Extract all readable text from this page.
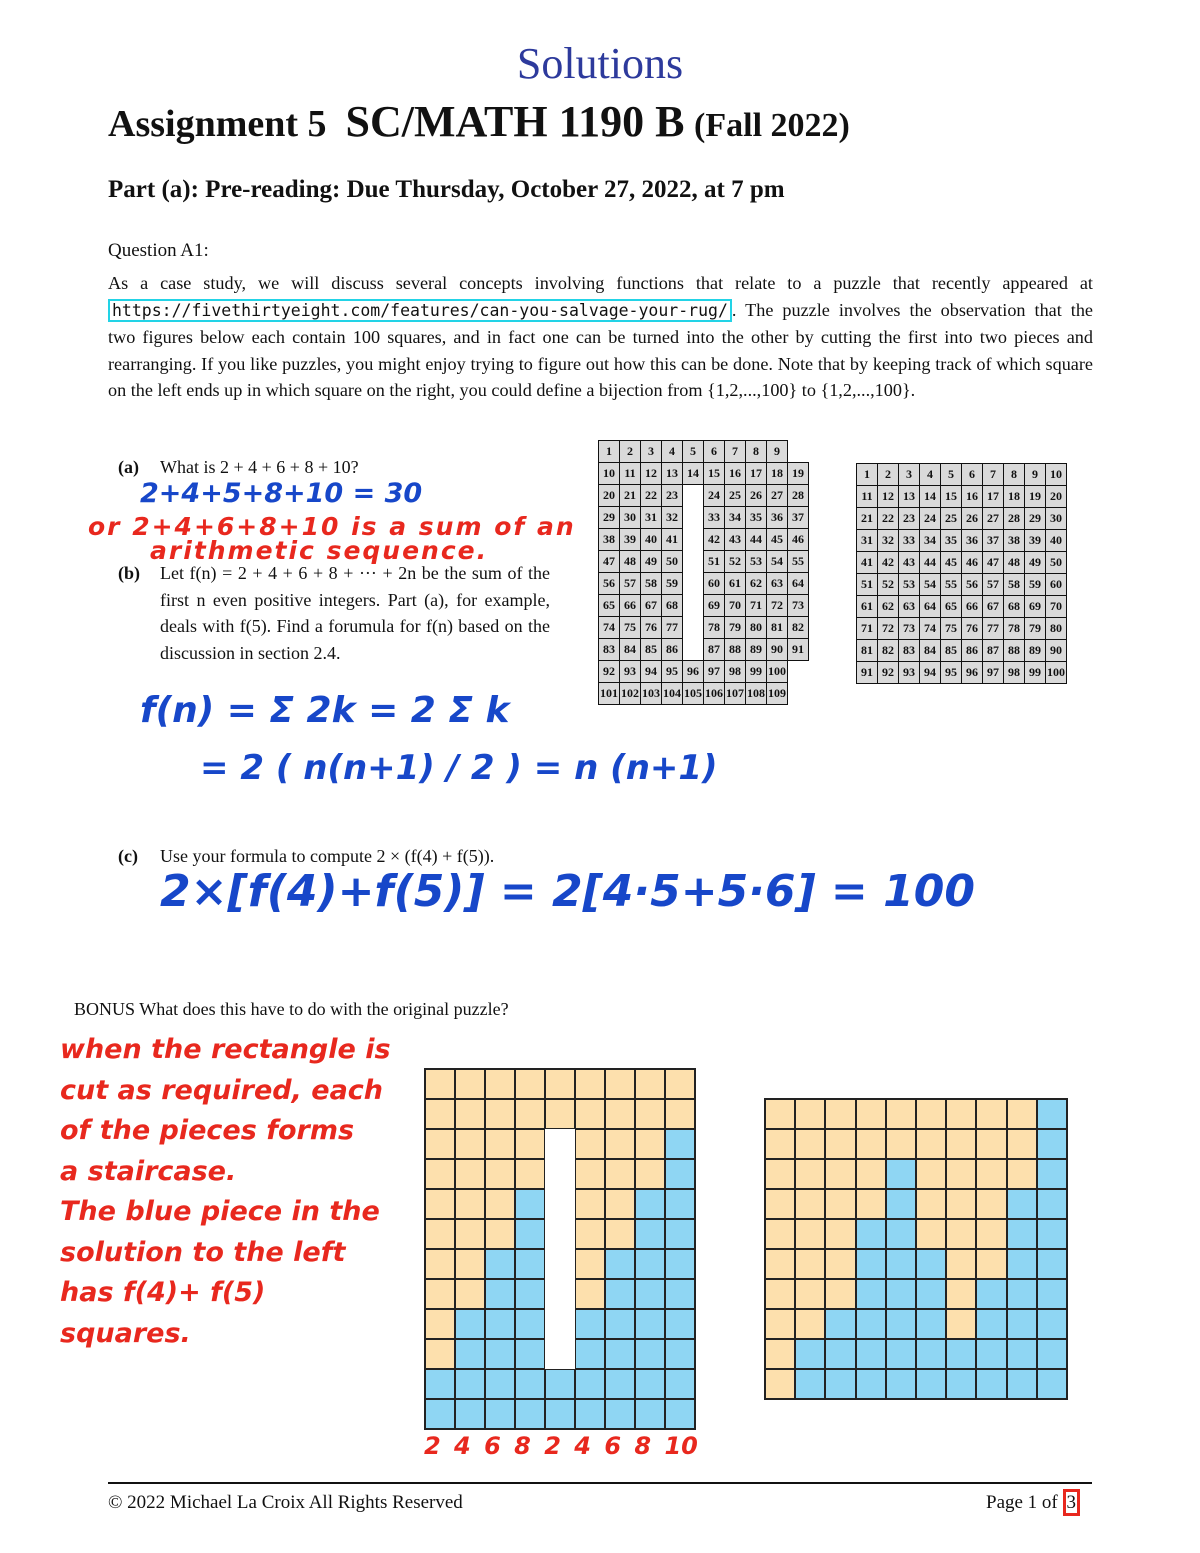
Solutions
Assignment 5 SC/MATH 1190 B (Fall 2022)
Part (a): Pre-reading: Due Thursday, October 27, 2022, at 7 pm
Question A1:
As a case study, we will discuss several concepts involving functions that relate to a puzzle that recently appeared at https://fivethirtyeight.com/features/can-you-salvage-your-rug/ . The puzzle involves the observation that the two figures below each contain 100 squares, and in fact one can be turned into the other by cutting the first into two pieces and rearranging. If you like puzzles, you might enjoy trying to figure out how this can be done. Note that by keeping track of which square on the left ends up in which square on the right, you could define a bijection from {1,2,...,100} to {1,2,...,100}.
(a) What is 2 + 4 + 6 + 8 + 10?
2+4+5+8+10 = 30
or 2+4+6+8+10 is a sum of an
arithmetic sequence.
(b) Let f(n) = 2 + 4 + 6 + 8 + ··· + 2n be the sum of the first n even positive integers. Part (a), for example, deals with f(5). Find a forumula for f(n) based on the discussion in section 2.4.
f(n) = Σ 2k = 2 Σ k
= 2 ( n(n+1) / 2 ) = n (n+1)
(c) Use your formula to compute 2 × (f(4) + f(5)).
2×[f(4)+f(5)] = 2[4·5+5·6] = 100
BONUS What does this have to do with the original puzzle?
when the rectangle is
cut as required, each
of the pieces forms
a staircase.
The blue piece in the
solution to the left
has f(4)+ f(5)
squares.
2 4 6 8 2 4 6 8 10
1	2	3	4	5	6	7	8	9	
10	11	12	13	14	15	16	17	18	19
20	21	22	23		24	25	26	27	28
29	30	31	32		33	34	35	36	37
38	39	40	41		42	43	44	45	46
47	48	49	50		51	52	53	54	55
56	57	58	59		60	61	62	63	64
65	66	67	68		69	70	71	72	73
74	75	76	77		78	79	80	81	82
83	84	85	86		87	88	89	90	91
92	93	94	95	96	97	98	99	100	
101	102	103	104	105	106	107	108	109	
1	2	3	4	5	6	7	8	9	10
11	12	13	14	15	16	17	18	19	20
21	22	23	24	25	26	27	28	29	30
31	32	33	34	35	36	37	38	39	40
41	42	43	44	45	46	47	48	49	50
51	52	53	54	55	56	57	58	59	60
61	62	63	64	65	66	67	68	69	70
71	72	73	74	75	76	77	78	79	80
81	82	83	84	85	86	87	88	89	90
91	92	93	94	95	96	97	98	99	100
© 2022 Michael La Croix All Rights Reserved	Page 1 of 3
